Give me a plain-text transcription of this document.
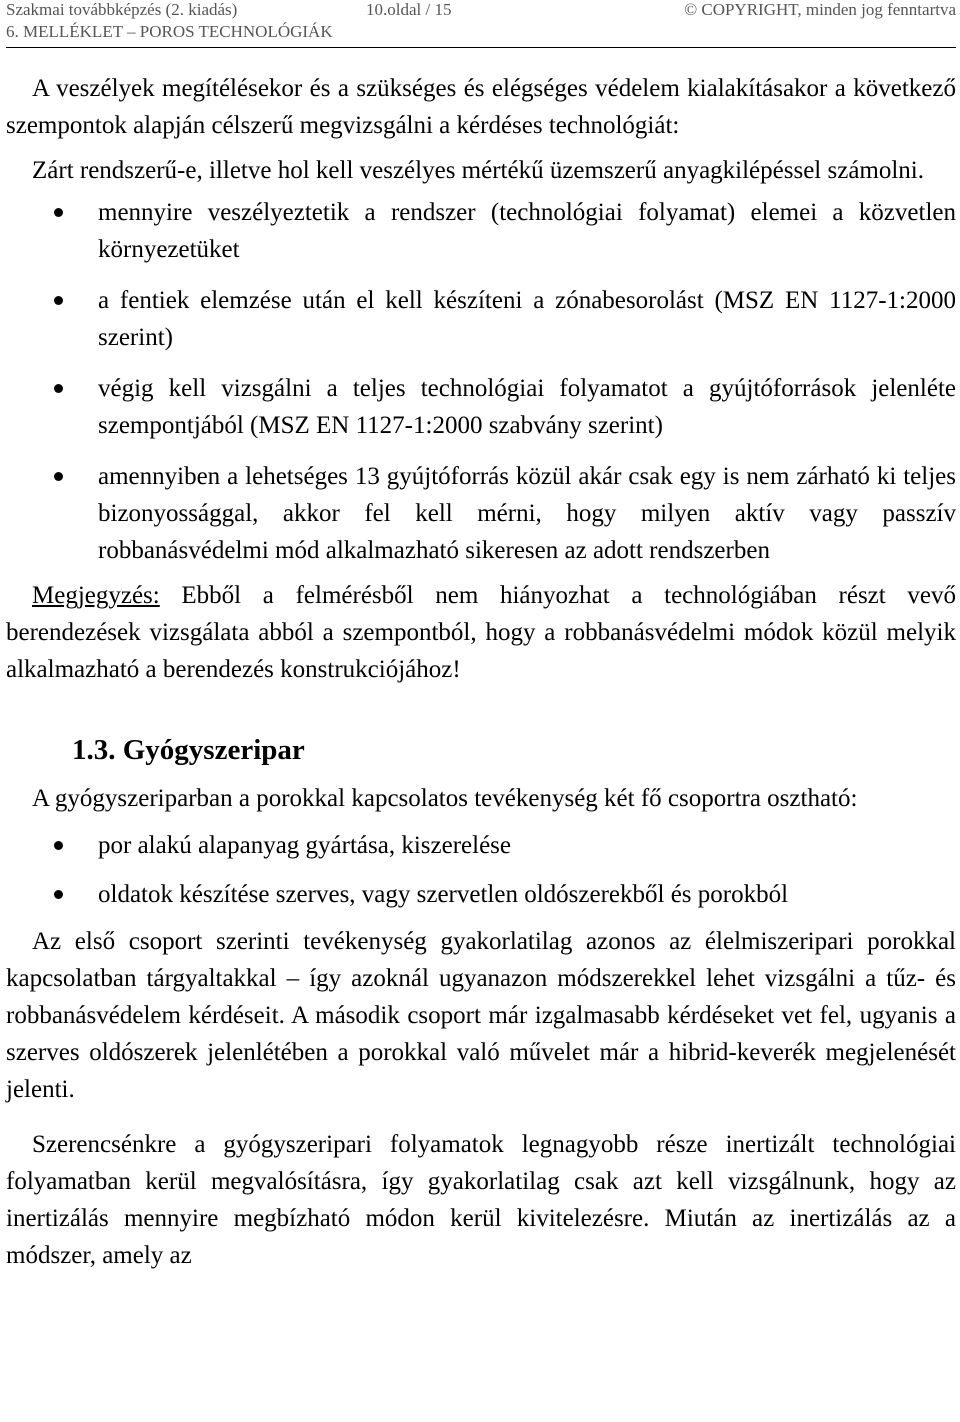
Szakmai továbbképzés (2. kiadás)	10.oldal / 15	© COPYRIGHT, minden jog fenntartva
6. MELLÉKLET – POROS TECHNOLÓGIÁK

A veszélyek megítélésekor és a szükséges és elégséges védelem kialakításakor a következő szempontok alapján célszerű megvizsgálni a kérdéses technológiát:

Zárt rendszerű-e, illetve hol kell veszélyes mértékű üzemszerű anyagkilépéssel számolni.

mennyire veszélyeztetik a rendszer (technológiai folyamat) elemei a közvetlen környezetüket
a fentiek elemzése után el kell készíteni a zónabesorolást (MSZ EN 1127-1:2000 szerint)
végig kell vizsgálni a teljes technológiai folyamatot a gyújtóforrások jelenléte szempontjából (MSZ EN 1127-1:2000 szabvány szerint)
amennyiben a lehetséges 13 gyújtóforrás közül akár csak egy is nem zárható ki teljes bizonyossággal, akkor fel kell mérni, hogy milyen aktív vagy passzív robbanásvédelmi mód alkalmazható sikeresen az adott rendszerben

Megjegyzés: Ebből a felmérésből nem hiányozhat a technológiában részt vevő berendezések vizsgálata abból a szempontból, hogy a robbanásvédelmi módok közül melyik alkalmazható a berendezés konstrukciójához!

1.3. Gyógyszeripar

A gyógyszeriparban a porokkal kapcsolatos tevékenység két fő csoportra osztható:

por alakú alapanyag gyártása, kiszerelése
oldatok készítése szerves, vagy szervetlen oldószerekből és porokból

Az első csoport szerinti tevékenység gyakorlatilag azonos az élelmiszeripari porokkal kapcsolatban tárgyaltakkal – így azoknál ugyanazon módszerekkel lehet vizsgálni a tűz- és robbanásvédelem kérdéseit. A második csoport már izgalmasabb kérdéseket vet fel, ugyanis a szerves oldószerek jelenlétében a porokkal való művelet már a hibrid-keverék megjelenését jelenti.

Szerencsénkre a gyógyszeripari folyamatok legnagyobb része inertizált technológiai folyamatban kerül megvalósításra, így gyakorlatilag csak azt kell vizsgálnunk, hogy az inertizálás mennyire megbízható módon kerül kivitelezésre. Miután az inertizálás az a módszer, amely az
